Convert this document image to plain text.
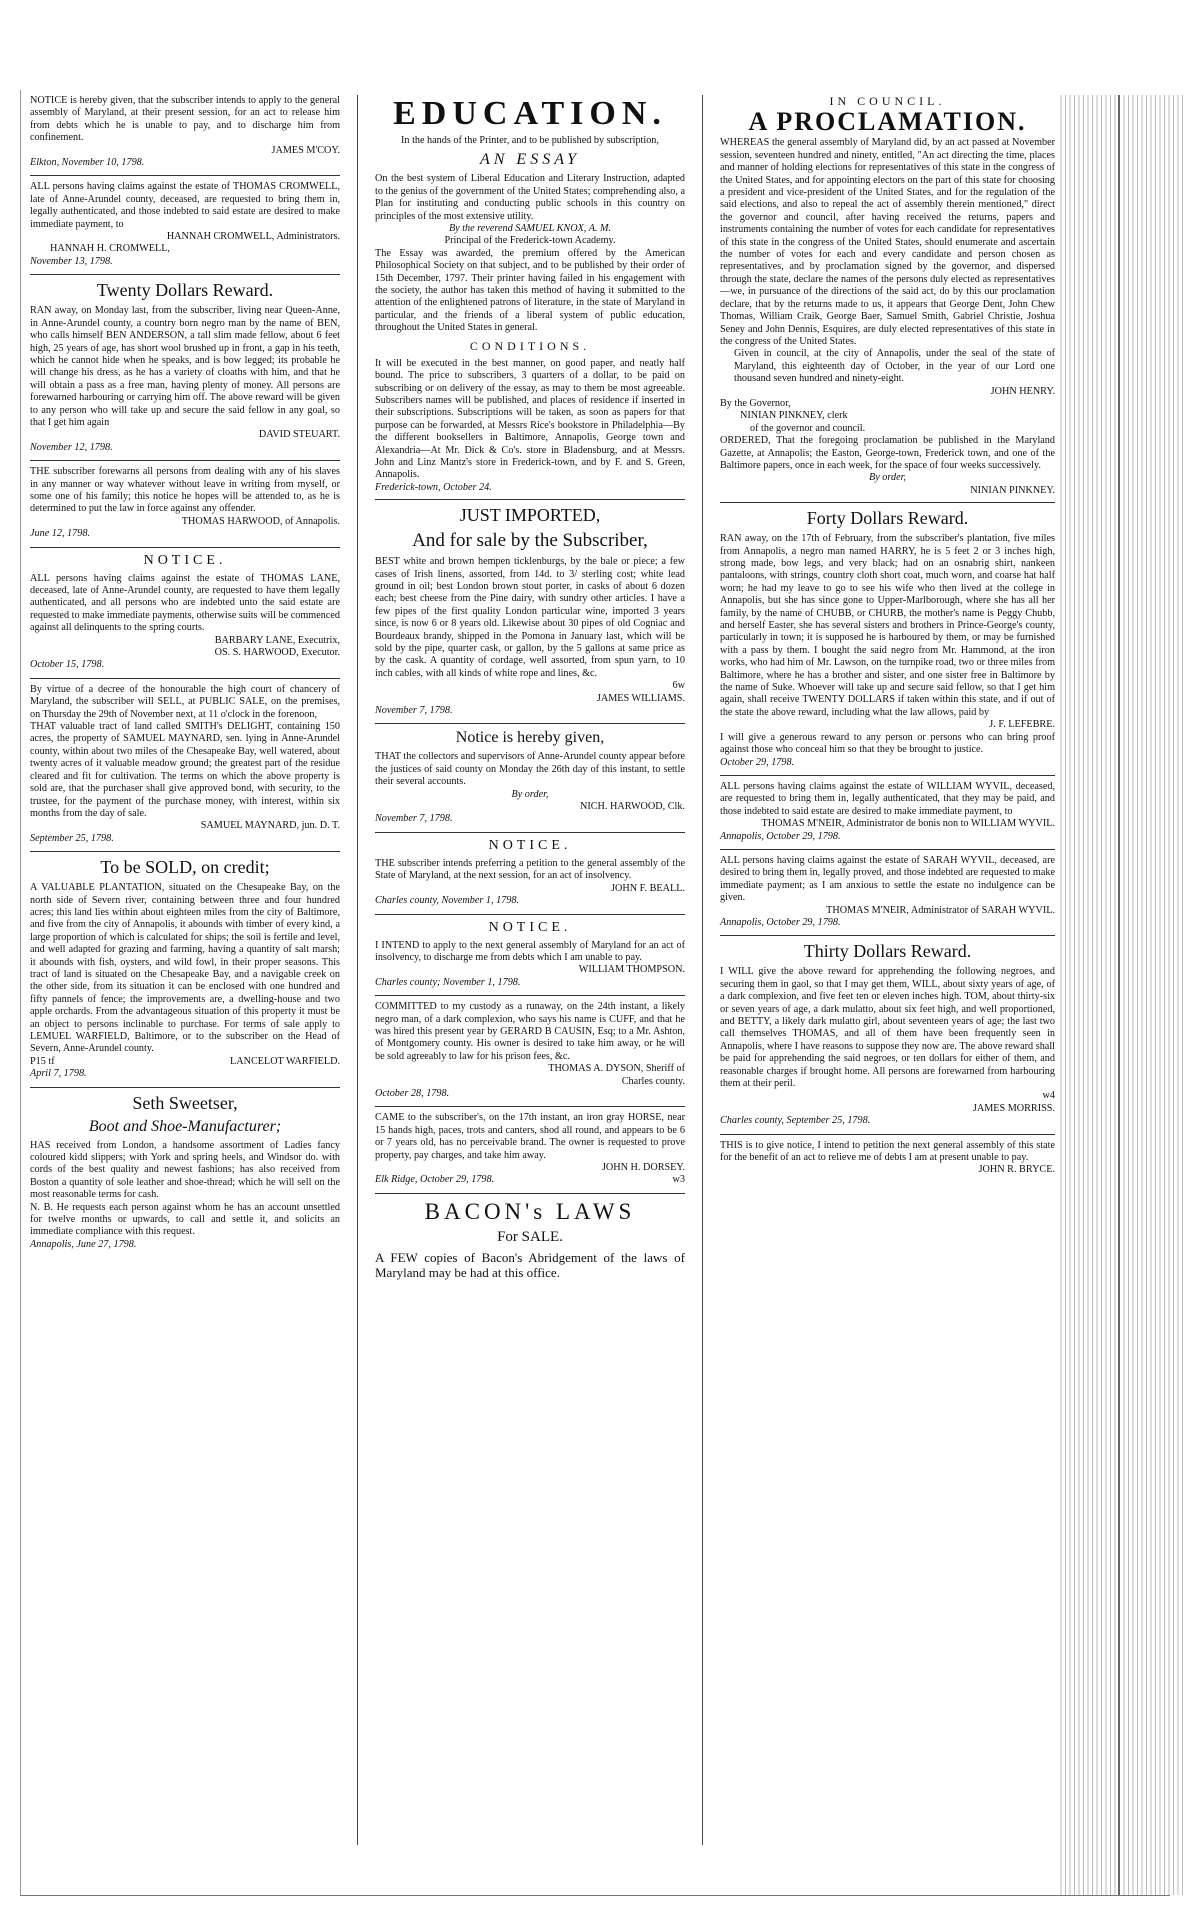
NOTICE is hereby given, that the subscriber intends to apply to the general assembly of Maryland, at their present session, for an act to release him from debts which he is unable to pay, and to discharge him from confinement.

JAMES M'COY.

Elkton, November 10, 1798.

ALL persons having claims against the estate of THOMAS CROMWELL, late of Anne-Arundel county, deceased, are requested to bring them in, legally authenticated, and those indebted to said estate are desired to make immediate payment, to

HANNAH CROMWELL, Administrators.

HANNAH H. CROMWELL,

November 13, 1798.

Twenty Dollars Reward.

RAN away, on Monday last, from the subscriber, living near Queen-Anne, in Anne-Arundel county, a country born negro man by the name of BEN, who calls himself BEN ANDERSON, a tall slim made fellow, about 6 feet high, 25 years of age, has short wool brushed up in front, a gap in his teeth, which he cannot hide when he speaks, and is bow legged; its probable he will change his dress, as he has a variety of cloaths with him, and that he will obtain a pass as a free man, having plenty of money. All persons are forewarned harbouring or carrying him off. The above reward will be given to any person who will take up and secure the said fellow in any goal, so that I get him again

DAVID STEUART.

November 12, 1798.

THE subscriber forewarns all persons from dealing with any of his slaves in any manner or way whatever without leave in writing from myself, or some one of his family; this notice he hopes will be attended to, as he is determined to put the law in force against any offender.

THOMAS HARWOOD, of Annapolis.

June 12, 1798.

NOTICE.

ALL persons having claims against the estate of THOMAS LANE, deceased, late of Anne-Arundel county, are requested to have them legally authenticated, and all persons who are indebted unto the said estate are requested to make immediate payments, otherwise suits will be commenced against all delinquents to the spring courts.

BARBARY LANE, Executrix,

OS. S. HARWOOD, Executor.

October 15, 1798.

By virtue of a decree of the honourable the high court of chancery of Maryland, the subscriber will SELL, at PUBLIC SALE, on the premises, on Thursday the 29th of November next, at 11 o'clock in the forenoon,

THAT valuable tract of land called SMITH's DELIGHT, containing 150 acres, the property of SAMUEL MAYNARD, sen. lying in Anne-Arundel county, within about two miles of the Chesapeake Bay, well watered, about twenty acres of it valuable meadow ground; the greatest part of the residue cleared and fit for cultivation. The terms on which the above property is sold are, that the purchaser shall give approved bond, with security, to the trustee, for the payment of the purchase money, with interest, within six months from the day of sale.

SAMUEL MAYNARD, jun. D. T.

September 25, 1798.

To be SOLD, on credit;

A VALUABLE PLANTATION, situated on the Chesapeake Bay, on the north side of Severn river, containing between three and four hundred acres; this land lies within about eighteen miles from the city of Baltimore, and five from the city of Annapolis, it abounds with timber of every kind, a large proportion of which is calculated for ships; the soil is fertile and level, and well adapted for grazing and farming, having a quantity of salt marsh; it abounds with fish, oysters, and wild fowl, in their proper seasons. This tract of land is situated on the Chesapeake Bay, and a navigable creek on the other side, from its situation it can be enclosed with one hundred and fifty pannels of fence; the improvements are, a dwelling-house and two apple orchards. From the advantageous situation of this property it must be an object to persons inclinable to purchase. For terms of sale apply to LEMUEL WARFIELD, Baltimore, or to the subscriber on the Head of Severn, Anne-Arundel county.

P15 tf	LANCELOT WARFIELD.

April 7, 1798.

Seth Sweetser,
Boot and Shoe-Manufacturer;

HAS received from London, a handsome assortment of Ladies fancy coloured kidd slippers; with York and spring heels, and Windsor do. with cords of the best quality and newest fashions; has also received from Boston a quantity of sole leather and shoe-thread; which he will sell on the most reasonable terms for cash.

N. B. He requests each person against whom he has an account unsettled for twelve months or upwards, to call and settle it, and solicits an immediate compliance with this request.

Annapolis, June 27, 1798.

EDUCATION.

In the hands of the Printer, and to be published by subscription,

AN ESSAY

On the best system of Liberal Education and Literary Instruction, adapted to the genius of the government of the United States; comprehending also, a Plan for instituting and conducting public schools in this country on principles of the most extensive utility.

By the reverend SAMUEL KNOX, A. M.

Principal of the Frederick-town Academy.

The Essay was awarded, the premium offered by the American Philosophical Society on that subject, and to be published by their order of 15th December, 1797. Their printer having failed in his engagement with the society, the author has taken this method of having it submitted to the attention of the enlightened patrons of literature, in the state of Maryland in particular, and the friends of a liberal system of public education, throughout the United States in general.

CONDITIONS.

It will be executed in the best manner, on good paper, and neatly half bound. The price to subscribers, 3 quarters of a dollar, to be paid on subscribing or on delivery of the essay, as may to them be most agreeable. Subscribers names will be published, and places of residence if inserted in their subscriptions. Subscriptions will be taken, as soon as papers for that purpose can be forwarded, at Messrs Rice's bookstore in Philadelphia—By the different booksellers in Baltimore, Annapolis, George town and Alexandria—At Mr. Dick & Co's. store in Bladensburg, and at Messrs. John and Linz Mantz's store in Frederick-town, and by F. and S. Green, Annapolis.

Frederick-town, October 24.

JUST IMPORTED,
And for sale by the Subscriber,

BEST white and brown hempen ticklenburgs, by the bale or piece; a few cases of Irish linens, assorted, from 14d. to 3/ sterling cost; white lead ground in oil; best London brown stout porter, in casks of about 6 dozen each; best cheese from the Pine dairy, with sundry other articles. I have a few pipes of the first quality London particular wine, imported 3 years since, is now 6 or 8 years old. Likewise about 30 pipes of old Cogniac and Bourdeaux brandy, shipped in the Pomona in January last, which will be sold by the pipe, quarter cask, or gallon, by the 5 gallons at same price as by the cask. A quantity of cordage, well assorted, from spun yarn, to 10 inch cables, with all kinds of white rope and lines, &c.

6w

JAMES WILLIAMS.

November 7, 1798.

Notice is hereby given,

THAT the collectors and supervisors of Anne-Arundel county appear before the justices of said county on Monday the 26th day of this instant, to settle their several accounts.

By order,

NICH. HARWOOD, Clk.

November 7, 1798.

NOTICE.

THE subscriber intends preferring a petition to the general assembly of the State of Maryland, at the next session, for an act of insolvency.

JOHN F. BEALL.

Charles county, November 1, 1798.

NOTICE.

I INTEND to apply to the next general assembly of Maryland for an act of insolvency, to discharge me from debts which I am unable to pay.

WILLIAM THOMPSON.

Charles county; November 1, 1798.

COMMITTED to my custody as a runaway, on the 24th instant, a likely negro man, of a dark complexion, who says his name is CUFF, and that he was hired this present year by GERARD B CAUSIN, Esq; to a Mr. Ashton, of Montgomery county. His owner is desired to take him away, or he will be sold agreeably to law for his prison fees, &c.

THOMAS A. DYSON, Sheriff of

Charles county.

October 28, 1798.

CAME to the subscriber's, on the 17th instant, an iron gray HORSE, near 15 hands high, paces, trots and canters, shod all round, and appears to be 6 or 7 years old, has no perceivable brand. The owner is requested to prove property, pay charges, and take him away.

JOHN H. DORSEY.

Elk Ridge, October 29, 1798.	w3

BACON's LAWS
For SALE.

A FEW copies of Bacon's Abridgement of the laws of Maryland may be had at this office.

IN COUNCIL.

A PROCLAMATION.

WHEREAS the general assembly of Maryland did, by an act passed at November session, seventeen hundred and ninety, entitled, "An act directing the time, places and manner of holding elections for representatives of this state in the congress of the United States, and for appointing electors on the part of this state for choosing a president and vice-president of the United States, and for the regulation of the said elections, and also to repeal the act of assembly therein mentioned," direct the governor and council, after having received the returns, papers and instruments containing the number of votes for each candidate for representatives of this state in the congress of the United States, should enumerate and ascertain the number of votes for each and every candidate and person chosen as representatives, and by proclamation signed by the governor, and dispersed through the state, declare the names of the persons duly elected as representatives—we, in pursuance of the directions of the said act, do by this our proclamation declare, that by the returns made to us, it appears that George Dent, John Chew Thomas, William Craik, George Baer, Samuel Smith, Gabriel Christie, Joshua Seney and John Dennis, Esquires, are duly elected representatives of this state in the congress of the United States.

Given in council, at the city of Annapolis, under the seal of the state of Maryland, this eighteenth day of October, in the year of our Lord one thousand seven hundred and ninety-eight.

JOHN HENRY.

By the Governor,

NINIAN PINKNEY, clerk

of the governor and council.

ORDERED, That the foregoing proclamation be published in the Maryland Gazette, at Annapolis; the Easton, George-town, Frederick town, and one of the Baltimore papers, once in each week, for the space of four weeks successively.

By order,

NINIAN PINKNEY.

Forty Dollars Reward.

RAN away, on the 17th of February, from the subscriber's plantation, five miles from Annapolis, a negro man named HARRY, he is 5 feet 2 or 3 inches high, strong made, bow legs, and very black; had on an osnabrig shirt, nankeen pantaloons, with strings, country cloth short coat, much worn, and coarse hat half worn; he had my leave to go to see his wife who then lived at the college in Annapolis, but she has since gone to Upper-Marlborough, where she has all her family, by the name of CHUBB, or CHURB, the mother's name is Peggy Chubb, and herself Easter, she has several sisters and brothers in Prince-George's county, particularly in town; it is supposed he is harboured by them, or may be furnished with a pass by them. I bought the said negro from Mr. Hammond, at the iron works, who had him of Mr. Lawson, on the turnpike road, two or three miles from Baltimore, where he has a brother and sister, and one sister free in Baltimore by the name of Suke. Whoever will take up and secure said fellow, so that I get him again, shall receive TWENTY DOLLARS if taken within this state, and if out of the state the above reward, including what the law allows, paid by

J. F. LEFEBRE.

I will give a generous reward to any person or persons who can bring proof against those who conceal him so that they be brought to justice.

October 29, 1798.

ALL persons having claims against the estate of WILLIAM WYVIL, deceased, are requested to bring them in, legally authenticated, that they may be paid, and those indebted to said estate are desired to make immediate payment, to

THOMAS M'NEIR, Administrator de bonis non to WILLIAM WYVIL.

Annapolis, October 29, 1798.

ALL persons having claims against the estate of SARAH WYVIL, deceased, are desired to bring them in, legally proved, and those indebted are requested to make immediate payment; as I am anxious to settle the estate no indulgence can be given.

THOMAS M'NEIR, Administrator of SARAH WYVIL.

Annapolis, October 29, 1798.

Thirty Dollars Reward.

I WILL give the above reward for apprehending the following negroes, and securing them in gaol, so that I may get them, WILL, about sixty years of age, of a dark complexion, and five feet ten or eleven inches high. TOM, about thirty-six or seven years of age, a dark mulatto, about six feet high, and well proportioned, and BETTY, a likely dark mulatto girl, about seventeen years of age; the last two call themselves THOMAS, and all of them have been frequently seen in Annapolis, where I have reasons to suppose they now are. The above reward shall be paid for apprehending the said negroes, or ten dollars for either of them, and reasonable charges if brought home. All persons are forewarned from harbouring them at their peril.

w4

JAMES MORRISS.

Charles county, September 25, 1798.

THIS is to give notice, I intend to petition the next general assembly of this state for the benefit of an act to relieve me of debts I am at present unable to pay.

JOHN R. BRYCE.
